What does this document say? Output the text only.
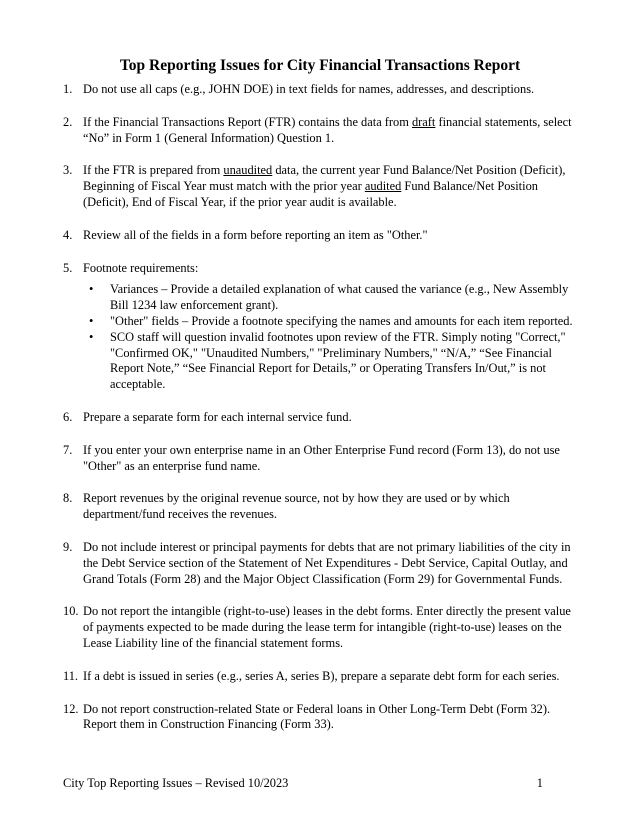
Top Reporting Issues for City Financial Transactions Report
1. Do not use all caps (e.g., JOHN DOE) in text fields for names, addresses, and descriptions.
2. If the Financial Transactions Report (FTR) contains the data from draft financial statements, select “No” in Form 1 (General Information) Question 1.
3. If the FTR is prepared from unaudited data, the current year Fund Balance/Net Position (Deficit), Beginning of Fiscal Year must match with the prior year audited Fund Balance/Net Position (Deficit), End of Fiscal Year, if the prior year audit is available.
4. Review all of the fields in a form before reporting an item as "Other."
5. Footnote requirements:
• Variances – Provide a detailed explanation of what caused the variance (e.g., New Assembly Bill 1234 law enforcement grant).
• "Other" fields – Provide a footnote specifying the names and amounts for each item reported.
• SCO staff will question invalid footnotes upon review of the FTR. Simply noting "Correct," "Confirmed OK," "Unaudited Numbers," "Preliminary Numbers," “N/A,” “See Financial Report Note,” “See Financial Report for Details,” or Operating Transfers In/Out,” is not acceptable.
6. Prepare a separate form for each internal service fund.
7. If you enter your own enterprise name in an Other Enterprise Fund record (Form 13), do not use "Other" as an enterprise fund name.
8. Report revenues by the original revenue source, not by how they are used or by which department/fund receives the revenues.
9. Do not include interest or principal payments for debts that are not primary liabilities of the city in the Debt Service section of the Statement of Net Expenditures - Debt Service, Capital Outlay, and Grand Totals (Form 28) and the Major Object Classification (Form 29) for Governmental Funds.
10. Do not report the intangible (right-to-use) leases in the debt forms. Enter directly the present value of payments expected to be made during the lease term for intangible (right-to-use) leases on the Lease Liability line of the financial statement forms.
11. If a debt is issued in series (e.g., series A, series B), prepare a separate debt form for each series.
12. Do not report construction-related State or Federal loans in Other Long-Term Debt (Form 32). Report them in Construction Financing (Form 33).
City Top Reporting Issues – Revised 10/2023	1
